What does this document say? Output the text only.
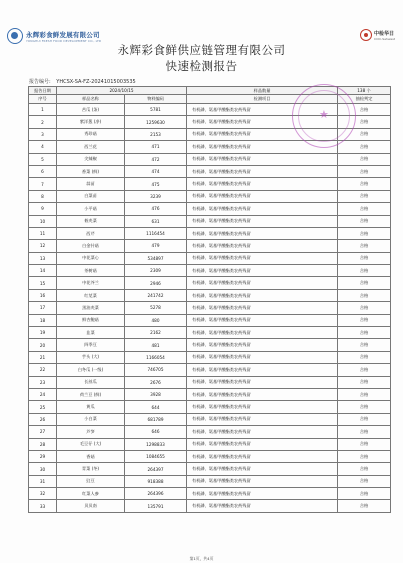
永辉彩食鲜发展有限公司
YONGHUI FRESH FOOD DEVELOPMENT CO., LTD
中检华日
CCIC-Sehwest
永辉彩食鲜供应链管理有限公司
快速检测报告
报告编号: YHCSX-SA-FZ-20241015003535
报告日期	2024/10/15		样品数量	138 个
序号	样品名称	物料编码	检测项目	抽检判定
1	苦瓜 (条)	5781	有机磷、氨基甲酸酯类农药残留	合格
2	紫洋葱 (净)	1259630	有机磷、氨基甲酸酯类农药残留	合格
3	秀珍菇	2153	有机磷、氨基甲酸酯类农药残留	合格
4	西兰花	471	有机磷、氨基甲酸酯类农药残留	合格
5	尖辣椒	472	有机磷、氨基甲酸酯类农药残留	合格
6	香菜 (鲜)	474	有机磷、氨基甲酸酯类农药残留	合格
7	蒜苗	475	有机磷、氨基甲酸酯类农药残留	合格
8	白菜苗	3239	有机磷、氨基甲酸酯类农药残留	合格
9	小平菇	476	有机磷、氨基甲酸酯类农药残留	合格
10	莜麦菜	631	有机磷、氨基甲酸酯类农药残留	合格
11	西芹	1116454	有机磷、氨基甲酸酯类农药残留	合格
12	白金针菇	479	有机磷、氨基甲酸酯类农药残留	合格
13	中花菜心	534897	有机磷、氨基甲酸酯类农药残留	合格
14	茶树菇	2309	有机磷、氨基甲酸酯类农药残留	合格
15	中花芥兰	2946	有机磷、氨基甲酸酯类农药残留	合格
16	红苋菜	241742	有机磷、氨基甲酸酯类农药残留	合格
17	黑油麦菜	5278	有机磷、氨基甲酸酯类农药残留	合格
18	鲜杏鲍菇	480	有机磷、氨基甲酸酯类农药残留	合格
19	韭菜	2162	有机磷、氨基甲酸酯类农药残留	合格
20	四季豆	481	有机磷、氨基甲酸酯类农药残留	合格
21	芋头 (大)	1166054	有机磷、氨基甲酸酯类农药残留	合格
22	白冬瓜 (一级)	746705	有机磷、氨基甲酸酯类农药残留	合格
23	长丝瓜	2676	有机磷、氨基甲酸酯类农药残留	合格
24	荷兰豆 (鲜)	3928	有机磷、氨基甲酸酯类农药残留	合格
25	黄瓜	644	有机磷、氨基甲酸酯类农药残留	合格
26	小白菜	681789	有机磷、氨基甲酸酯类农药残留	合格
27	芦笋	646	有机磷、氨基甲酸酯类农药残留	合格
28	毛豆仔 (大)	1298833	有机磷、氨基甲酸酯类农药残留	合格
29	香菇	1084655	有机磷、氨基甲酸酯类农药残留	合格
30	青菜 (冬)	264397	有机磷、氨基甲酸酯类农药残留	合格
31	豇豆	918388	有机磷、氨基甲酸酯类农药残留	合格
32	红菜人参	264396	有机磷、氨基甲酸酯类农药残留	合格
33	贝贝南	135791	有机磷、氨基甲酸酯类农药残留	合格
★
第1页，共4页
